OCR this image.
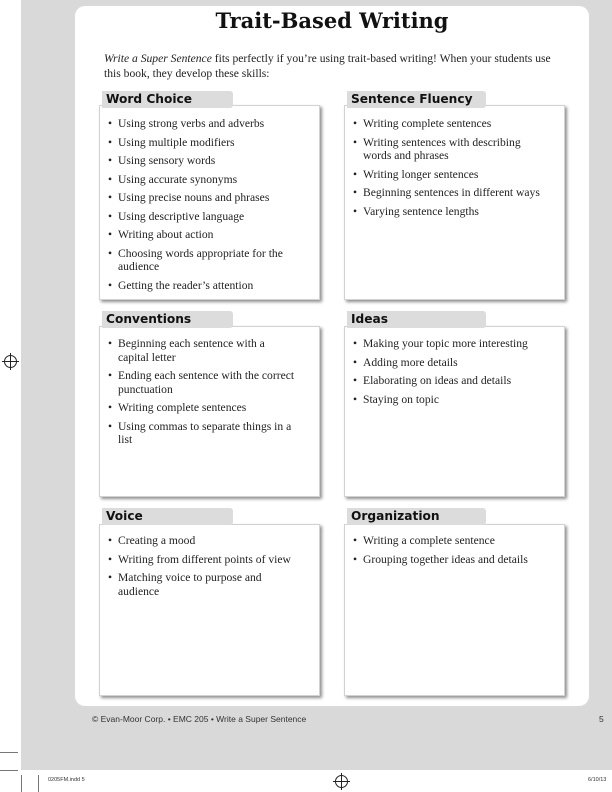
Trait-Based Writing

Write a Super Sentence fits perfectly if you’re using trait-based writing! When your students use this book, they develop these skills:

Word Choice
• Using strong verbs and adverbs
• Using multiple modifiers
• Using sensory words
• Using accurate synonyms
• Using precise nouns and phrases
• Using descriptive language
• Writing about action
• Choosing words appropriate for the audience
• Getting the reader’s attention
Sentence Fluency
• Writing complete sentences
• Writing sentences with describing words and phrases
• Writing longer sentences
• Beginning sentences in different ways
• Varying sentence lengths
Conventions
• Beginning each sentence with a capital letter
• Ending each sentence with the correct punctuation
• Writing complete sentences
• Using commas to separate things in a list
Ideas
• Making your topic more interesting
• Adding more details
• Elaborating on ideas and details
• Staying on topic
Voice
• Creating a mood
• Writing from different points of view
• Matching voice to purpose and audience
Organization
• Writing a complete sentence
• Grouping together ideas and details
© Evan-Moor Corp. • EMC 205 • Write a Super Sentence	5
0205FM.indd 5	6/10/13
